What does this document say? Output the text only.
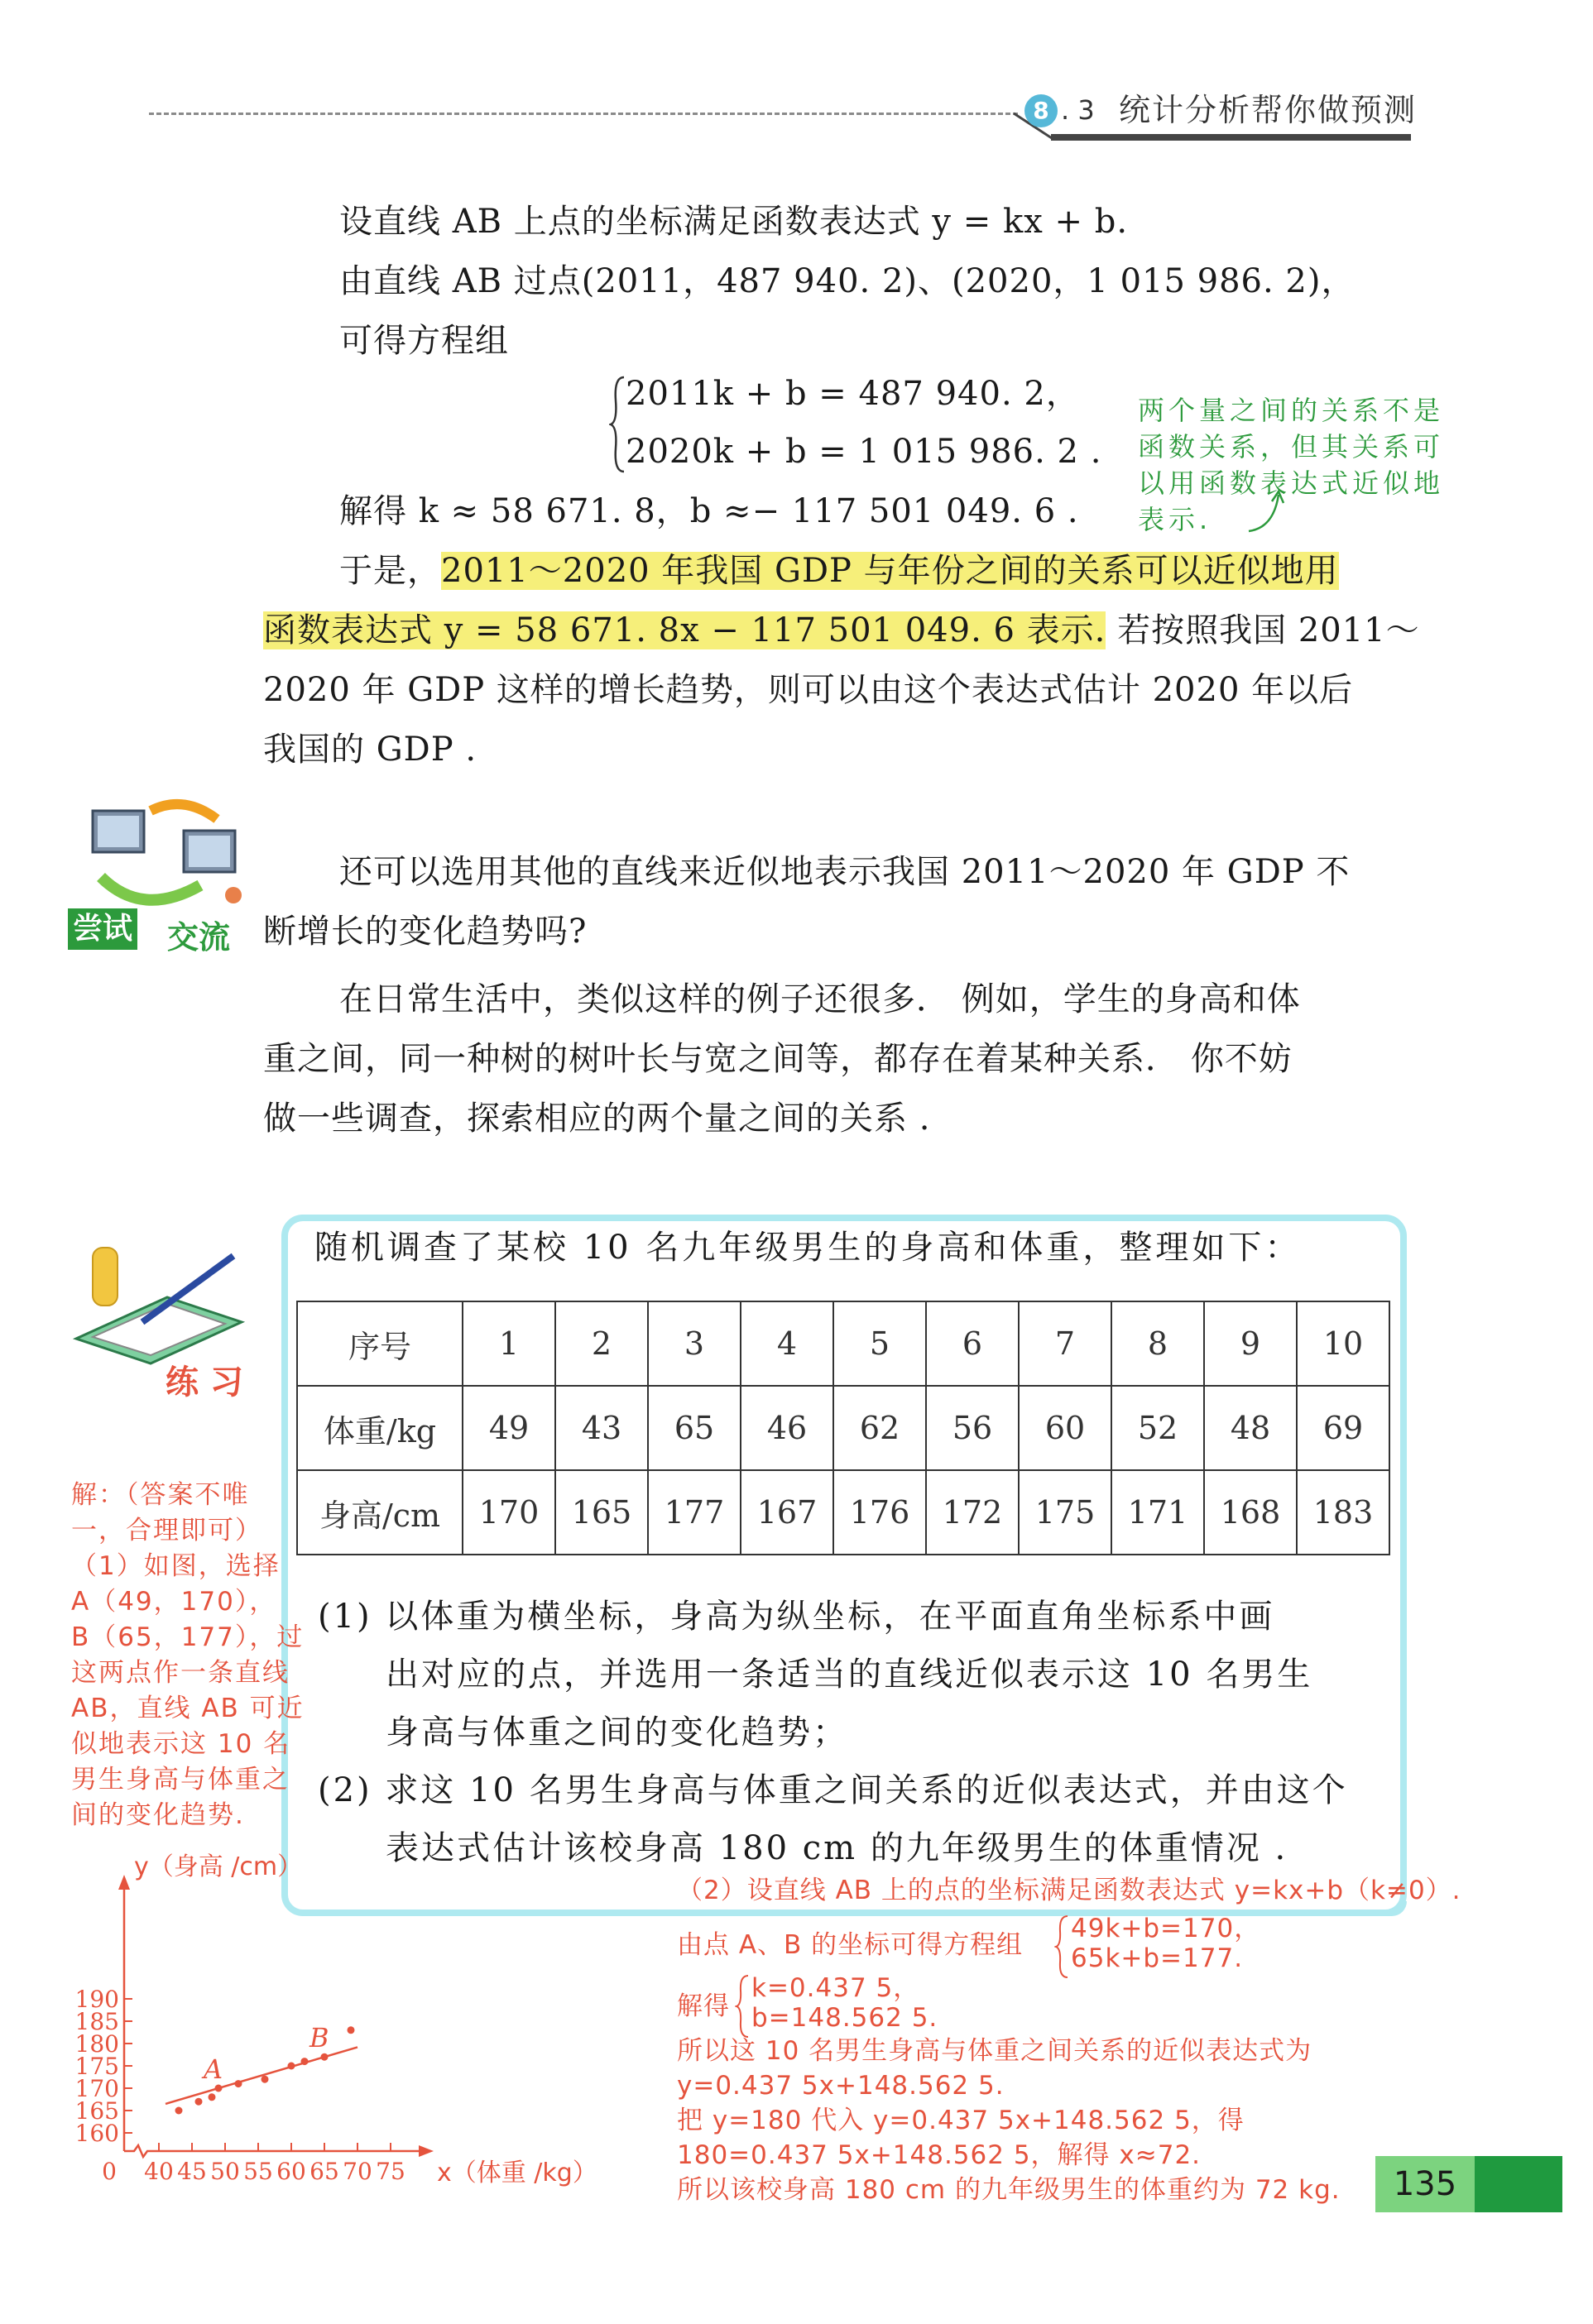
8 . 3 统计分析帮你做预测
设直线 AB 上点的坐标满足函数表达式 y = kx + b.
由直线 AB 过点(2011，487 940. 2)、(2020，1 015 986. 2)，
可得方程组
2011k + b = 487 940. 2，
2020k + b = 1 015 986. 2 .
解得 k ≈ 58 671. 8，b ≈− 117 501 049. 6 .
两个量之间的关系不是
函数关系，但其关系可
以用函数表达式近似地
表示.
于是，2011～2020 年我国 GDP 与年份之间的关系可以近似地用
函数表达式 y = 58 671. 8x − 117 501 049. 6 表示. 若按照我国 2011～
2020 年 GDP 这样的增长趋势，则可以由这个表达式估计 2020 年以后
我国的 GDP .
尝试 交流
还可以选用其他的直线来近似地表示我国 2011～2020 年 GDP 不
断增长的变化趋势吗?
在日常生活中，类似这样的例子还很多． 例如，学生的身高和体
重之间，同一种树的树叶长与宽之间等，都存在着某种关系． 你不妨
做一些调查，探索相应的两个量之间的关系 .
练 习
随机调查了某校 10 名九年级男生的身高和体重，整理如下：
序号	1	2	3	4	5	6	7	8	9	10
体重/kg	49	43	65	46	62	56	60	52	48	69
身高/cm	170	165	177	167	176	172	175	171	168	183
(1) 以体重为横坐标，身高为纵坐标，在平面直角坐标系中画
出对应的点，并选用一条适当的直线近似表示这 10 名男生
身高与体重之间的变化趋势；
(2) 求这 10 名男生身高与体重之间关系的近似表达式，并由这个
表达式估计该校身高 180 cm 的九年级男生的体重情况 .
解：（答案不唯
一，合理即可）
（1）如图，选择
A（49，170），
B（65，177），过
这两点作一条直线
AB，直线 AB 可近
似地表示这 10 名
男生身高与体重之
间的变化趋势.
190
185
180
175
170
165
160
40 45 50 55 60 65 70 75
0
y（身高 /cm）
x（体重 /kg）
A
B
（2）设直线 AB 上的点的坐标满足函数表达式 y=kx+b（k≠0）.
由点 A、B 的坐标可得方程组
49k+b=170，
65k+b=177.
解得
k=0.437 5，
b=148.562 5.
所以这 10 名男生身高与体重之间关系的近似表达式为
y=0.437 5x+148.562 5.
把 y=180 代入 y=0.437 5x+148.562 5，得
180=0.437 5x+148.562 5，解得 x≈72.
所以该校身高 180 cm 的九年级男生的体重约为 72 kg.	135
